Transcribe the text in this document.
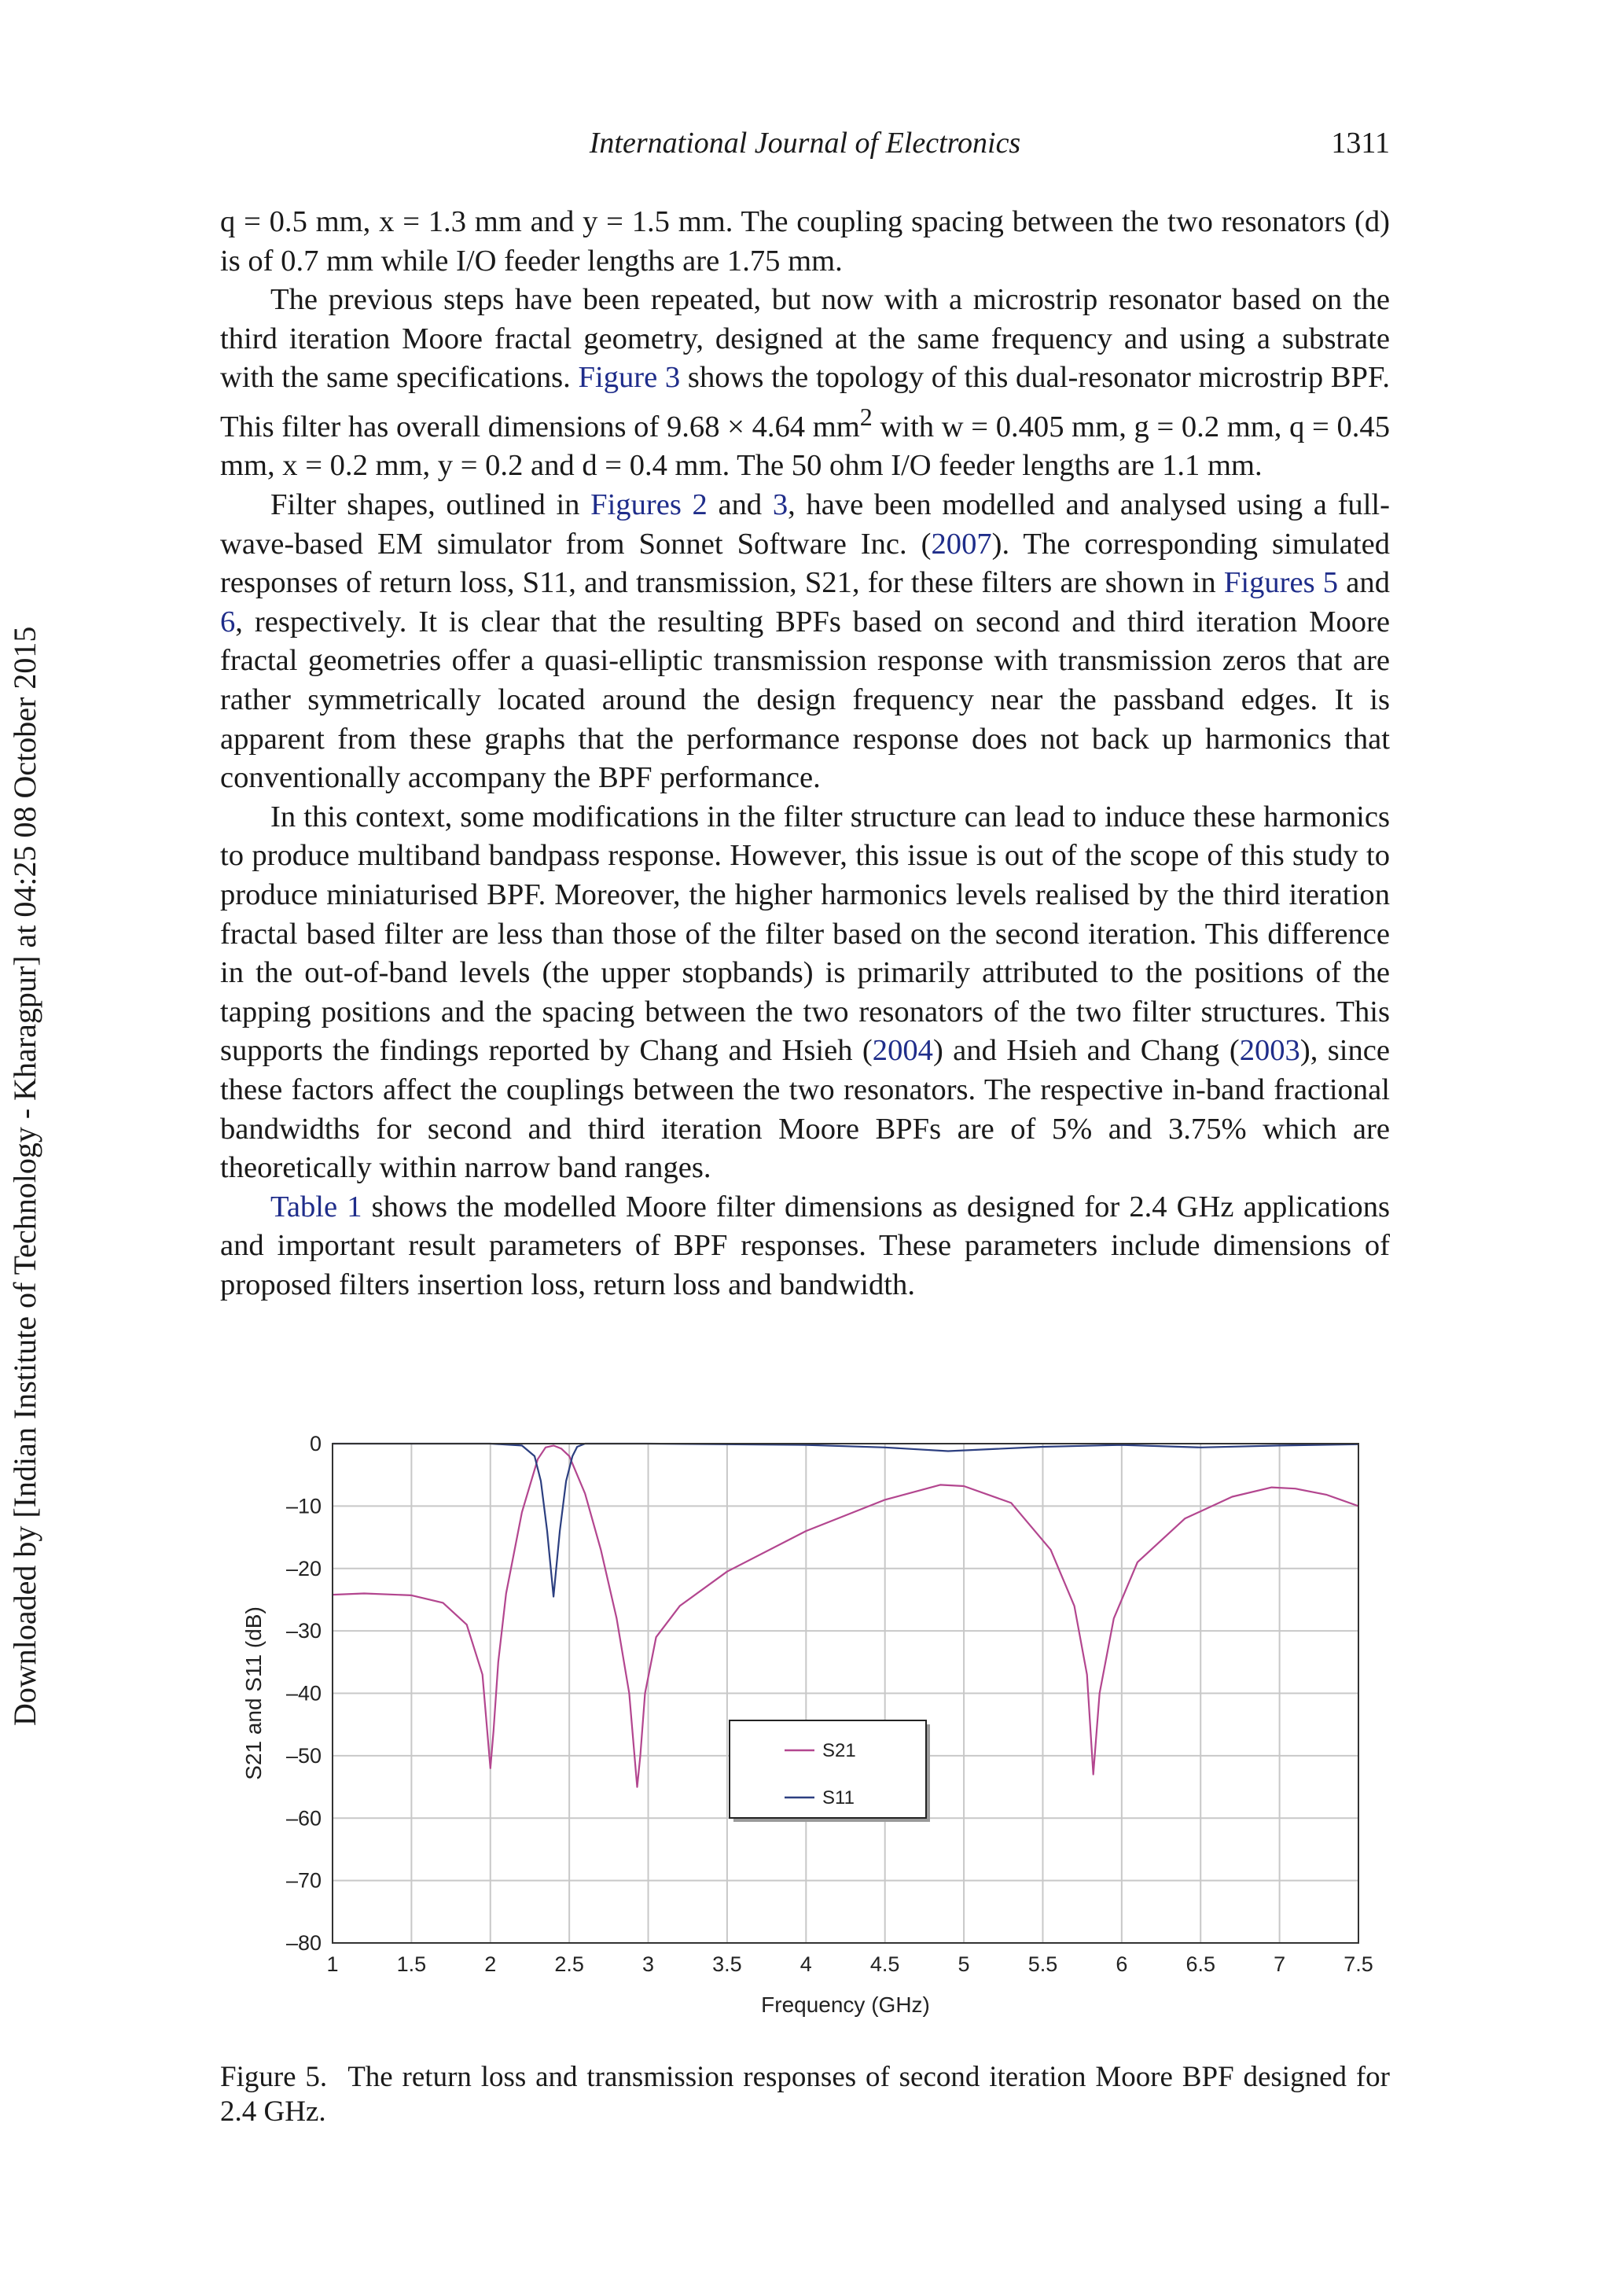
International Journal of Electronics	1311
Downloaded by [Indian Institute of Technology - Kharagpur] at 04:25 08 October 2015

q = 0.5 mm, x = 1.3 mm and y = 1.5 mm. The coupling spacing between the two resonators (d) is of 0.7 mm while I/O feeder lengths are 1.75 mm.

The previous steps have been repeated, but now with a microstrip resonator based on the third iteration Moore fractal geometry, designed at the same frequency and using a substrate with the same specifications. Figure 3 shows the topology of this dual-resonator microstrip BPF. This filter has overall dimensions of 9.68 × 4.64 $mm^2$ with w = 0.405 mm, g = 0.2 mm, q = 0.45 mm, x = 0.2 mm, y = 0.2 and d = 0.4 mm. The 50 ohm I/O feeder lengths are 1.1 mm.

Filter shapes, outlined in Figures 2 and 3, have been modelled and analysed using a full-wave-based EM simulator from Sonnet Software Inc. (2007). The corresponding simulated responses of return loss, S11, and transmission, S21, for these filters are shown in Figures 5 and 6, respectively. It is clear that the resulting BPFs based on second and third iteration Moore fractal geometries offer a quasi-elliptic transmission response with transmission zeros that are rather symmetrically located around the design frequency near the passband edges. It is apparent from these graphs that the performance response does not back up harmonics that conventionally accompany the BPF performance.

In this context, some modifications in the filter structure can lead to induce these harmonics to produce multiband bandpass response. However, this issue is out of the scope of this study to produce miniaturised BPF. Moreover, the higher harmonics levels realised by the third iteration fractal based filter are less than those of the filter based on the second iteration. This difference in the out-of-band levels (the upper stopbands) is primarily attributed to the positions of the tapping positions and the spacing between the two resonators of the two filter structures. This supports the findings reported by Chang and Hsieh (2004) and Hsieh and Chang (2003), since these factors affect the couplings between the two resonators. The respective in-band fractional bandwidths for second and third iteration Moore BPFs are of 5% and 3.75% which are theoretically within narrow band ranges.

Table 1 shows the modelled Moore filter dimensions as designed for 2.4 GHz applications and important result parameters of BPF responses. These parameters include dimensions of proposed filters insertion loss, return loss and bandwidth.

1	1.5	2	2.5	3	3.5	4	4.5	5	5.5	6	6.5	7	7.5
0
–10
–20
–30
–40
–50
–60
–70
–80
Frequency (GHz)
S21 and S11 (dB)	S21
S11
Figure 5. The return loss and transmission responses of second iteration Moore BPF designed for 2.4 GHz.
